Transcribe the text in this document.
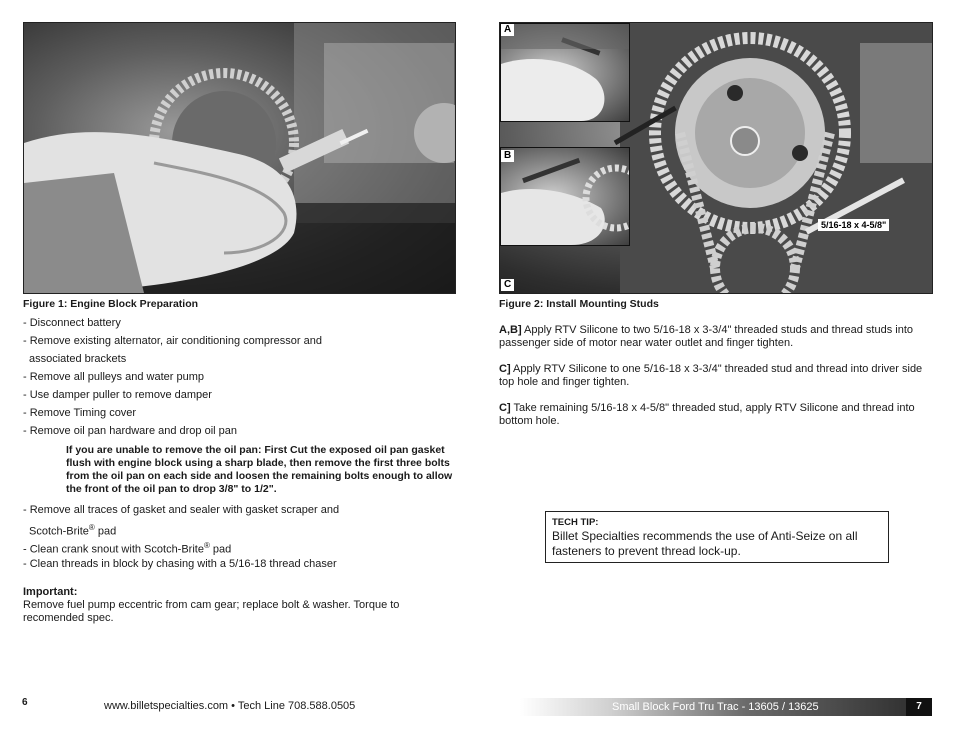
Figure 1: Engine Block Preparation
- Disconnect battery
- Remove existing alternator, air conditioning compressor and
associated brackets
- Remove all pulleys and water pump
- Use damper puller to remove damper
- Remove Timing cover
- Remove oil pan hardware and drop oil pan
If you are unable to remove the oil pan: First Cut the exposed oil pan gasket flush with engine block using a sharp blade, then remove the first three bolts from the oil pan on each side and loosen the remaining bolts enough to allow the front of the oil pan to drop 3/8" to 1/2".
- Remove all traces of gasket and sealer with gasket scraper and
Scotch-Brite® pad
- Clean crank snout with Scotch-Brite® pad
- Clean threads in block by chasing with a 5/16-18 thread chaser
Important:
Remove fuel pump eccentric from cam gear; replace bolt & washer. Torque to recomended spec.
6	www.billetspecialties.com • Tech Line 708.588.0505
A
B
C
5/16-18 x 4-5/8"
Figure 2: Install Mounting Studs
A,B] Apply RTV Silicone to two 5/16-18 x 3-3/4" threaded studs and thread studs into passenger side of motor near water outlet and finger tighten.
C] Apply RTV Silicone to one 5/16-18 x 3-3/4" threaded stud and thread into driver side top hole and finger tighten.
C] Take remaining 5/16-18 x 4-5/8" threaded stud, apply RTV Silicone and thread into bottom hole.
TECH TIP:
Billet Specialties recommends the use of Anti-Seize on all fasteners to prevent thread lock-up.
Small Block Ford Tru Trac - 13605 / 13625	7
